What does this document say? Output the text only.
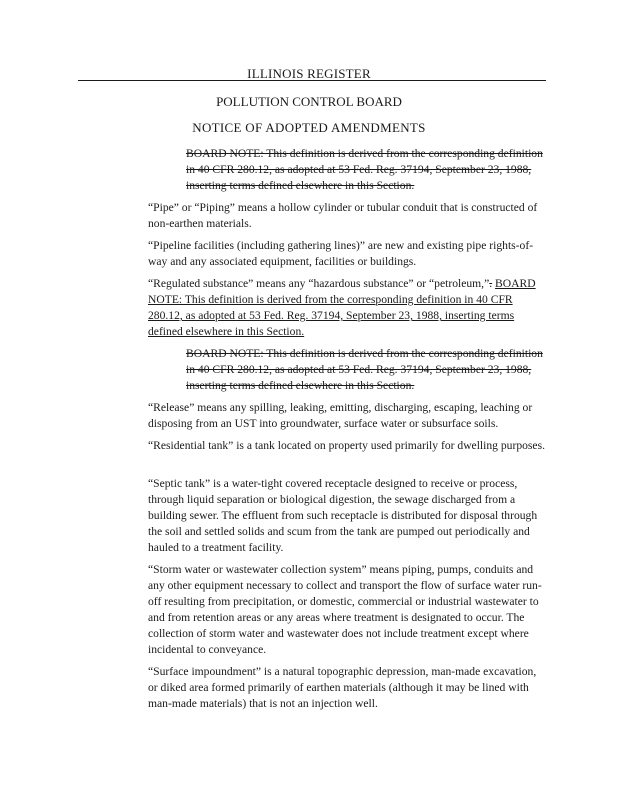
ILLINOIS REGISTER
POLLUTION CONTROL BOARD
NOTICE OF ADOPTED AMENDMENTS

BOARD NOTE: This definition is derived from the corresponding definition in 40 CFR 280.12, as adopted at 53 Fed. Reg. 37194, September 23, 1988, inserting terms defined elsewhere in this Section.

“Pipe” or “Piping” means a hollow cylinder or tubular conduit that is constructed of non-earthen materials.

“Pipeline facilities (including gathering lines)” are new and existing pipe rights-of-way and any associated equipment, facilities or buildings.

“Regulated substance” means any “hazardous substance” or “petroleum,”. BOARD NOTE: This definition is derived from the corresponding definition in 40 CFR 280.12, as adopted at 53 Fed. Reg. 37194, September 23, 1988, inserting terms defined elsewhere in this Section.

BOARD NOTE: This definition is derived from the corresponding definition in 40 CFR 280.12, as adopted at 53 Fed. Reg. 37194, September 23, 1988, inserting terms defined elsewhere in this Section.

“Release” means any spilling, leaking, emitting, discharging, escaping, leaching or disposing from an UST into groundwater, surface water or subsurface soils.

“Residential tank” is a tank located on property used primarily for dwelling purposes.

“Septic tank” is a water-tight covered receptacle designed to receive or process, through liquid separation or biological digestion, the sewage discharged from a building sewer. The effluent from such receptacle is distributed for disposal through the soil and settled solids and scum from the tank are pumped out periodically and hauled to a treatment facility.

“Storm water or wastewater collection system” means piping, pumps, conduits and any other equipment necessary to collect and transport the flow of surface water run-off resulting from precipitation, or domestic, commercial or industrial wastewater to and from retention areas or any areas where treatment is designated to occur. The collection of storm water and wastewater does not include treatment except where incidental to conveyance.

“Surface impoundment” is a natural topographic depression, man-made excavation, or diked area formed primarily of earthen materials (although it may be lined with man-made materials) that is not an injection well.
